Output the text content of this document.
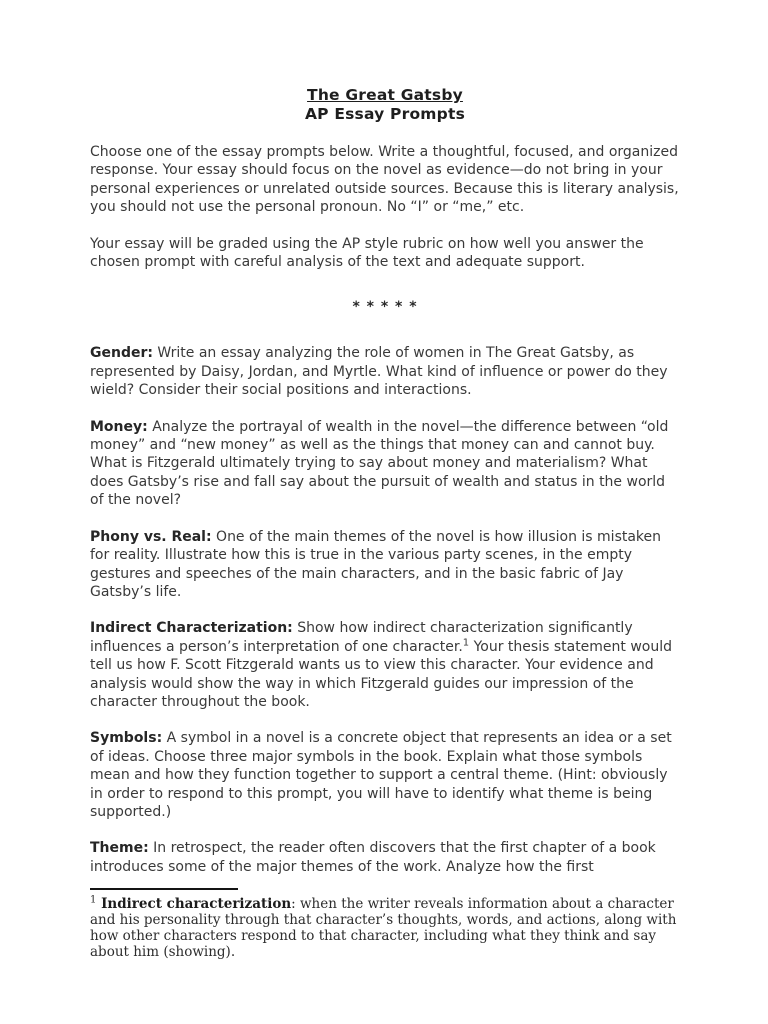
The Great Gatsby
AP Essay Prompts

Choose one of the essay prompts below. Write a thoughtful, focused, and organized response. Your essay should focus on the novel as evidence—do not bring in your personal experiences or unrelated outside sources. Because this is literary analysis, you should not use the personal pronoun. No “I” or “me,” etc.

Your essay will be graded using the AP style rubric on how well you answer the chosen prompt with careful analysis of the text and adequate support.

* * * * *

Gender: Write an essay analyzing the role of women in The Great Gatsby, as represented by Daisy, Jordan, and Myrtle. What kind of influence or power do they wield? Consider their social positions and interactions.

Money: Analyze the portrayal of wealth in the novel—the difference between “old money” and “new money” as well as the things that money can and cannot buy. What is Fitzgerald ultimately trying to say about money and materialism? What does Gatsby’s rise and fall say about the pursuit of wealth and status in the world of the novel?

Phony vs. Real: One of the main themes of the novel is how illusion is mistaken for reality. Illustrate how this is true in the various party scenes, in the empty gestures and speeches of the main characters, and in the basic fabric of Jay Gatsby’s life.

Indirect Characterization: Show how indirect characterization significantly influences a person’s interpretation of one character.$^1$ Your thesis statement would tell us how F. Scott Fitzgerald wants us to view this character. Your evidence and analysis would show the way in which Fitzgerald guides our impression of the character throughout the book.

Symbols: A symbol in a novel is a concrete object that represents an idea or a set of ideas. Choose three major symbols in the book. Explain what those symbols mean and how they function together to support a central theme. (Hint: obviously in order to respond to this prompt, you will have to identify what theme is being supported.)

Theme: In retrospect, the reader often discovers that the first chapter of a book introduces some of the major themes of the work. Analyze how the first

$^1$ Indirect characterization: when the writer reveals information about a character and his personality through that character’s thoughts, words, and actions, along with how other characters respond to that character, including what they think and say about him (showing).
